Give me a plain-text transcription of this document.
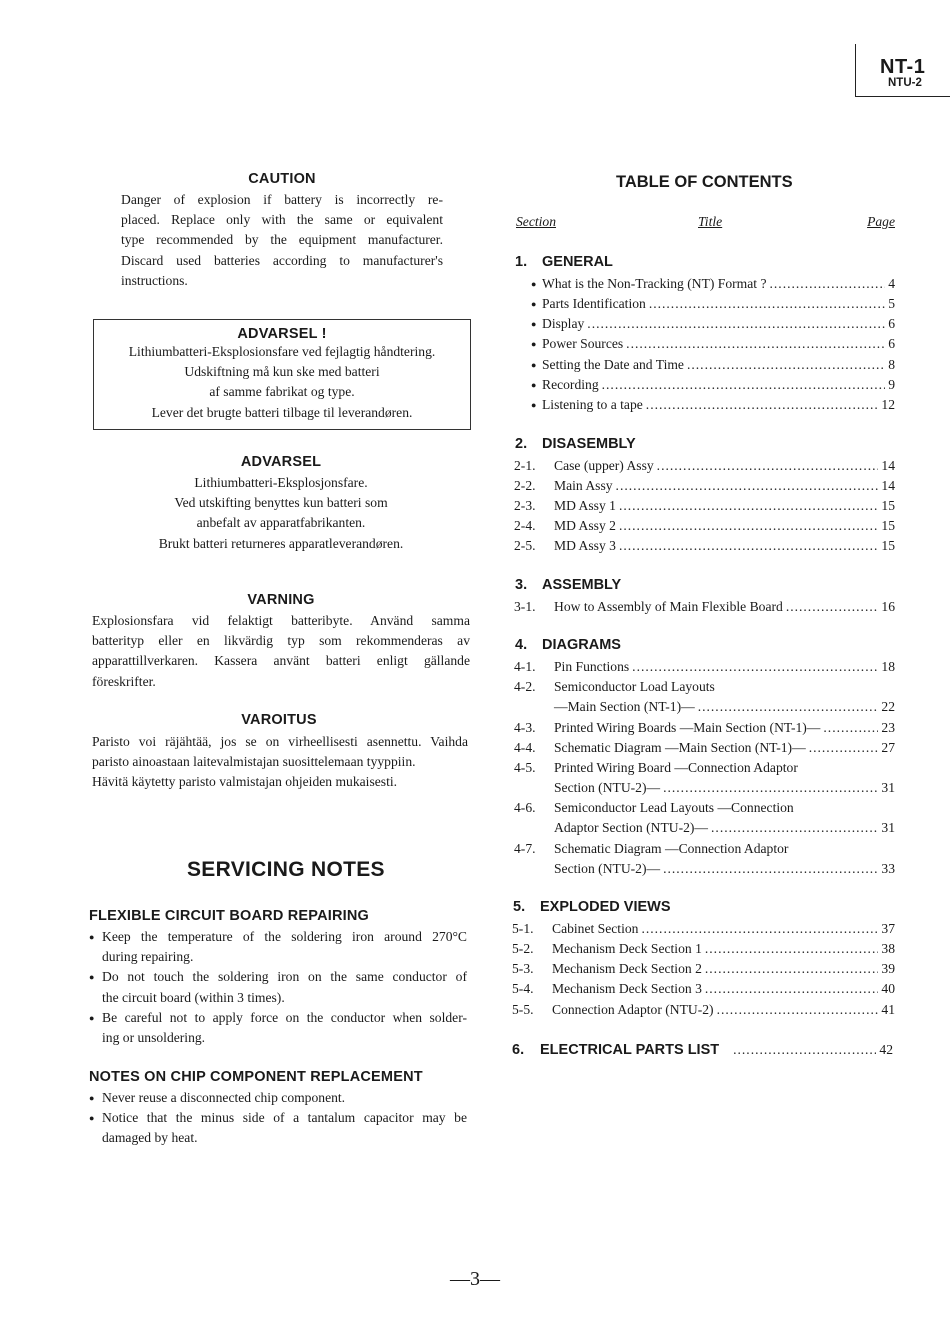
NT-1
NTU-2
CAUTION
Danger of explosion if battery is incorrectly re-
placed. Replace only with the same or equivalent
type recommended by the equipment manufacturer.
Discard used batteries according to manufacturer's
instructions.
ADVARSEL !
Lithiumbatteri-Eksplosionsfare ved fejlagtig håndtering.
Udskiftning må kun ske med batteri
af samme fabrikat og type.
Lever det brugte batteri tilbage til leverandøren.
ADVARSEL
Lithiumbatteri-Eksplosjonsfare.
Ved utskifting benyttes kun batteri som
anbefalt av apparatfabrikanten.
Brukt batteri returneres apparatleverandøren.
VARNING
Explosionsfara vid felaktigt batteribyte. Använd samma
batterityp eller en likvärdig typ som rekommenderas av
apparattillverkaren. Kassera använt batteri enligt gällande
föreskrifter.
VAROITUS
Paristo voi räjähtää, jos se on virheellisesti asennettu. Vaihda
paristo ainoastaan laitevalmistajan suosittelemaan tyyppiin.
Hävitä käytetty paristo valmistajan ohjeiden mukaisesti.
SERVICING NOTES
FLEXIBLE CIRCUIT BOARD REPAIRING
● Keep the temperature of the soldering iron around 270°C
during repairing.
● Do not touch the soldering iron on the same conductor of
the circuit board (within 3 times).
● Be careful not to apply force on the conductor when solder-
ing or unsoldering.
NOTES ON CHIP COMPONENT REPLACEMENT
● Never reuse a disconnected chip component.
● Notice that the minus side of a tantalum capacitor may be
damaged by heat.
TABLE OF CONTENTS
Section	Title	Page
1. GENERAL
● What is the Non-Tracking (NT) Format ? . . .	4
● Parts Identification . . .	5
● Display . . .	6
● Power Sources . . .	6
● Setting the Date and Time . . .	8
● Recording . . .	9
● Listening to a tape . . .	12
2. DISASEMBLY
2-1. Case (upper) Assy . . .	14
2-2. Main Assy . . .	14
2-3. MD Assy 1 . . .	15
2-4. MD Assy 2 . . .	15
2-5. MD Assy 3 . . .	15
3. ASSEMBLY
3-1. How to Assembly of Main Flexible Board . . .	16
4. DIAGRAMS
4-1. Pin Functions . . .	18
4-2. Semiconductor Load Layouts
—Main Section (NT-1)— . . .	22
4-3. Printed Wiring Boards —Main Section (NT-1)— . . .	23
4-4. Schematic Diagram —Main Section (NT-1)— . . .	27
4-5. Printed Wiring Board —Connection Adaptor
Section (NTU-2)— . . .	31
4-6. Semiconductor Lead Layouts —Connection
Adaptor Section (NTU-2)— . . .	31
4-7. Schematic Diagram —Connection Adaptor
Section (NTU-2)— . . .	33
5. EXPLODED VIEWS
5-1. Cabinet Section . . .	37
5-2. Mechanism Deck Section 1 . . .	38
5-3. Mechanism Deck Section 2 . . .	39
5-4. Mechanism Deck Section 3 . . .	40
5-5. Connection Adaptor (NTU-2) . . .	41
6. ELECTRICAL PARTS LIST . . .	42
—3—
